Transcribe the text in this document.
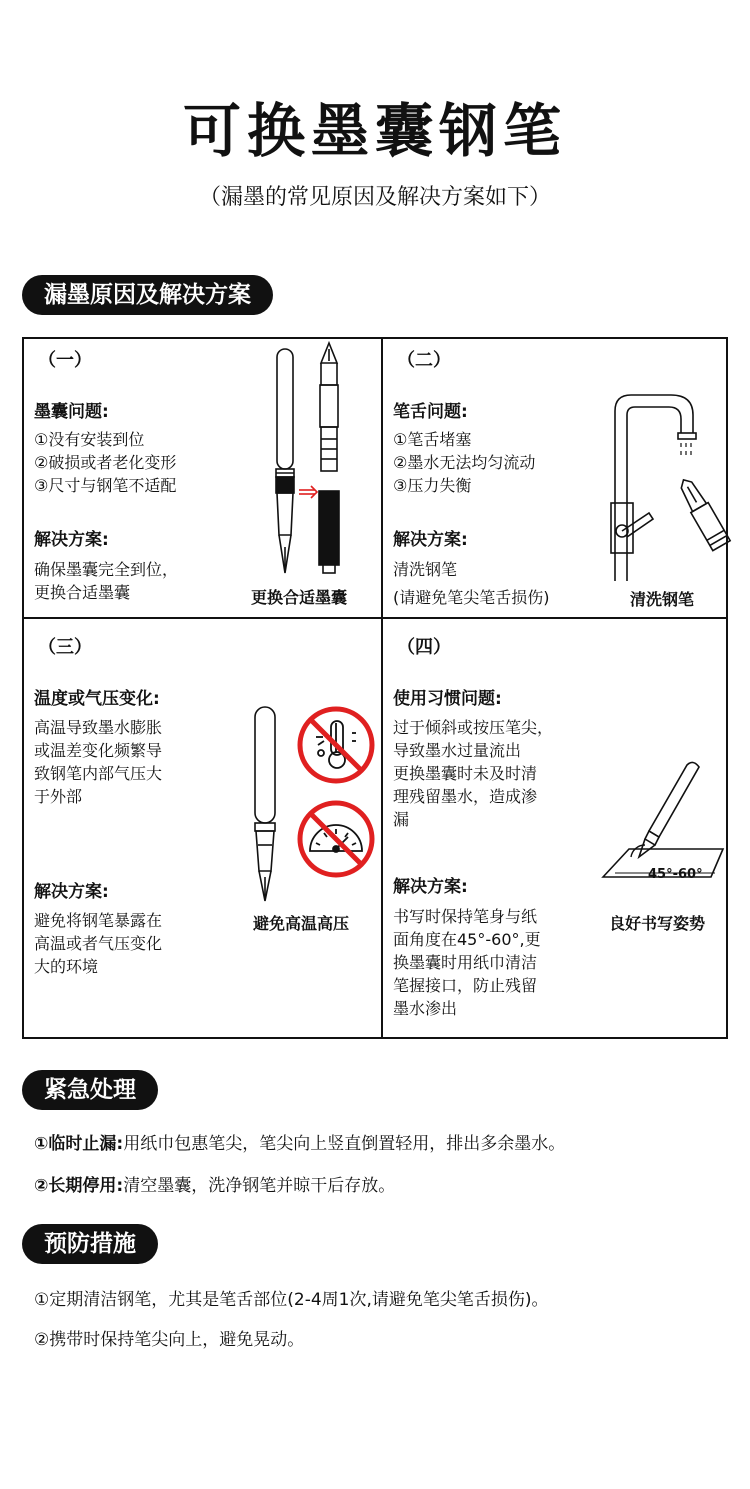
可换墨囊钢笔
（漏墨的常见原因及解决方案如下）
漏墨原因及解决方案
（一）
墨囊问题:
①没有安装到位
②破损或者老化变形
③尺寸与钢笔不适配
解决方案:
确保墨囊完全到位，
更换合适墨囊	更换合适墨囊
（二）
笔舌问题:
①笔舌堵塞
②墨水无法均匀流动
③压力失衡
解决方案:
清洗钢笔
(请避免笔尖笔舌损伤)	清洗钢笔
（三）
温度或气压变化:
高温导致墨水膨胀
或温差变化频繁导
致钢笔内部气压大
于外部
解决方案:
避免将钢笔暴露在
高温或者气压变化
大的环境
避免高温高压
（四）
使用习惯问题:
过于倾斜或按压笔尖，
导致墨水过量流出
更换墨囊时未及时清
理残留墨水，造成渗
漏
解决方案:
书写时保持笔身与纸
面角度在45°-60°,更
换墨囊时用纸巾清洁
笔握接口，防止残留
墨水渗出
良好书写姿势
45°-60°
紧急处理
①临时止漏:用纸巾包惠笔尖，笔尖向上竖直倒置轻用，排出多余墨水。
②长期停用:清空墨囊，洗净钢笔并晾干后存放。
预防措施
①定期清洁钢笔，尤其是笔舌部位(2-4周1次,请避免笔尖笔舌损伤)。
②携带时保持笔尖向上，避免晃动。
